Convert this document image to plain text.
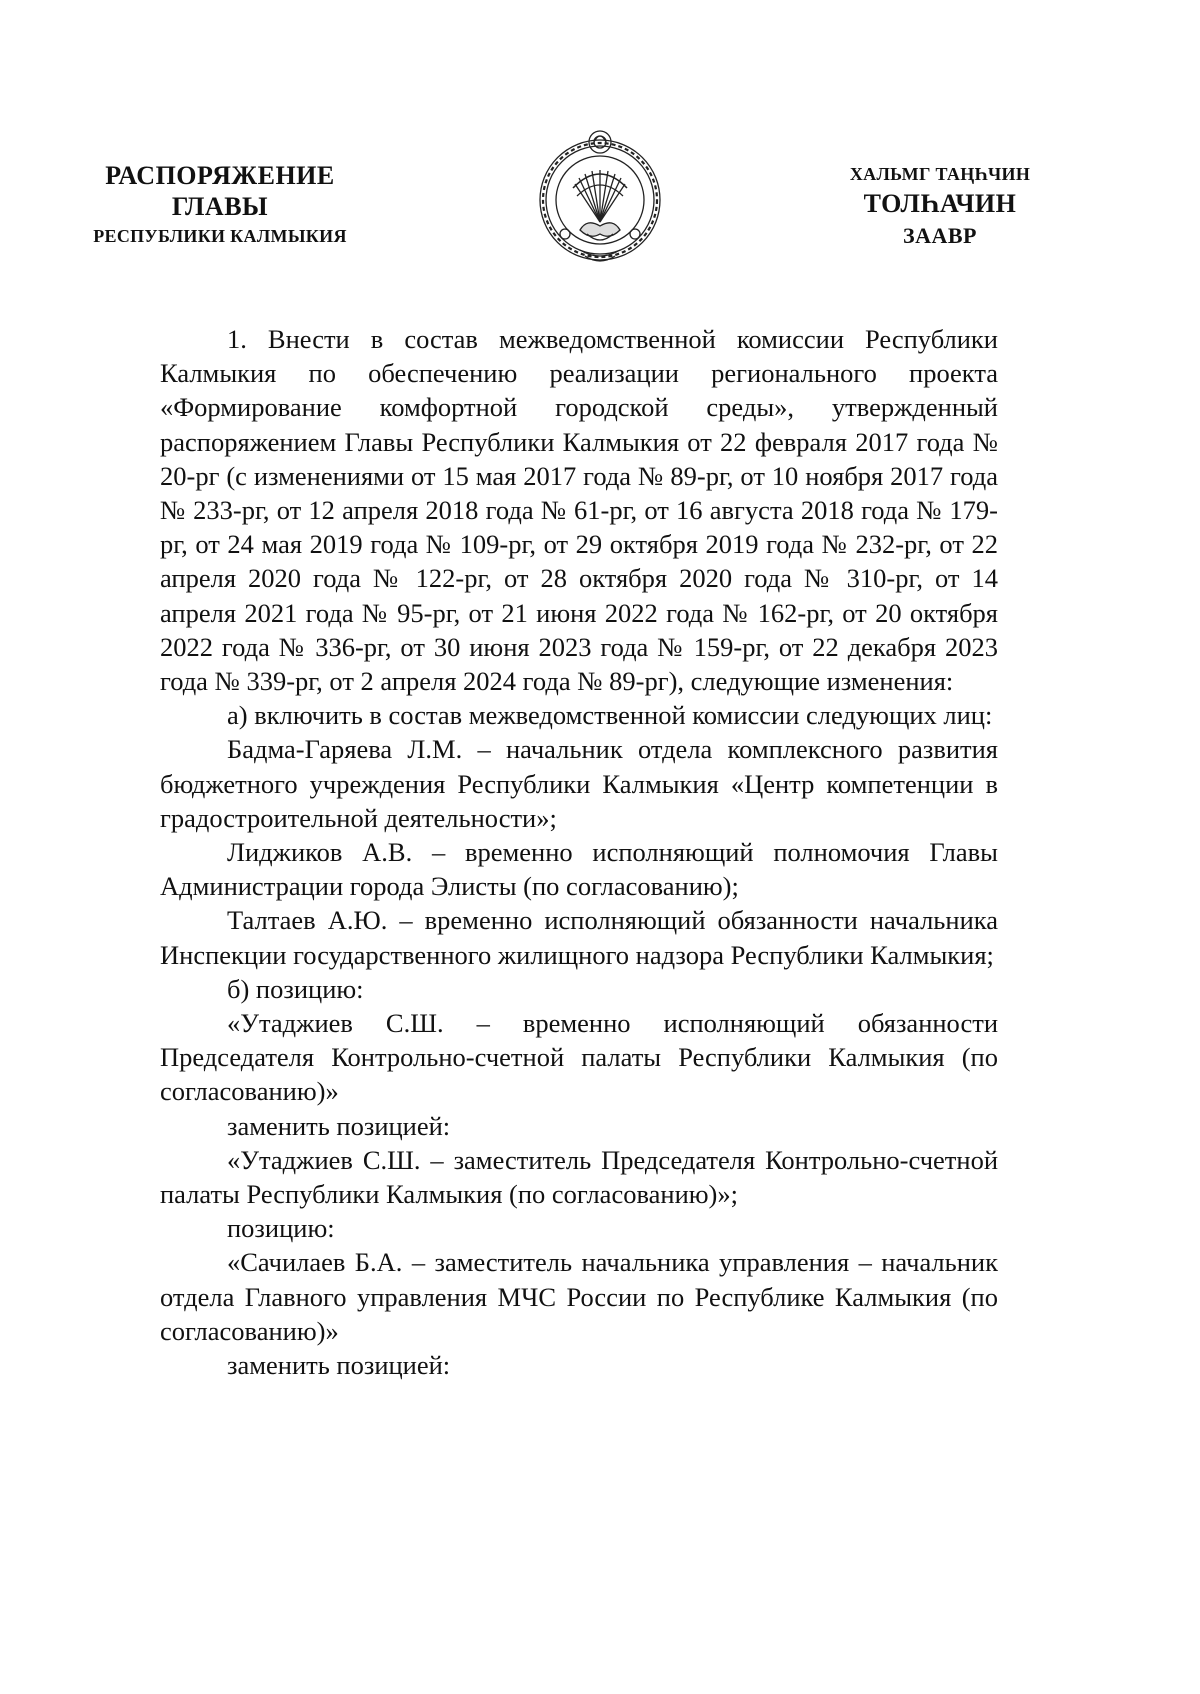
РАСПОРЯЖЕНИЕ
ГЛАВЫ
РЕСПУБЛИКИ КАЛМЫКИЯ
ХАЛЬМГ ТАҢҺЧИН
ТОЛҺАЧИН
ЗААВР

1. Внести в состав межведомственной комиссии Республики Калмыкия по обеспечению реализации регионального проекта «Формирование комфортной городской среды», утвержденный распоряжением Главы Республики Калмыкия от 22 февраля 2017 года № 20-рг (с изменениями от 15 мая 2017 года № 89-рг, от 10 ноября 2017 года № 233-рг, от 12 апреля 2018 года № 61-рг, от 16 августа 2018 года № 179-рг, от 24 мая 2019 года № 109-рг, от 29 октября 2019 года № 232-рг, от 22 апреля 2020 года № 122-рг, от 28 октября 2020 года № 310-рг, от 14 апреля 2021 года № 95-рг, от 21 июня 2022 года № 162-рг, от 20 октября 2022 года № 336-рг, от 30 июня 2023 года № 159-рг, от 22 декабря 2023 года № 339-рг, от 2 апреля 2024 года № 89-рг), следующие изменения:

а) включить в состав межведомственной комиссии следующих лиц:

Бадма-Гаряева Л.М. – начальник отдела комплексного развития бюджетного учреждения Республики Калмыкия «Центр компетенции в градостроительной деятельности»;

Лиджиков А.В. – временно исполняющий полномочия Главы Администрации города Элисты (по согласованию);

Талтаев А.Ю. – временно исполняющий обязанности начальника Инспекции государственного жилищного надзора Республики Калмыкия;

б) позицию:

«Утаджиев С.Ш. – временно исполняющий обязанности Председателя Контрольно-счетной палаты Республики Калмыкия (по согласованию)»

заменить позицией:

«Утаджиев С.Ш. – заместитель Председателя Контрольно-счетной палаты Республики Калмыкия (по согласованию)»;

позицию:

«Сачилаев Б.А. – заместитель начальника управления – начальник отдела Главного управления МЧС России по Республике Калмыкия (по согласованию)»

заменить позицией:
